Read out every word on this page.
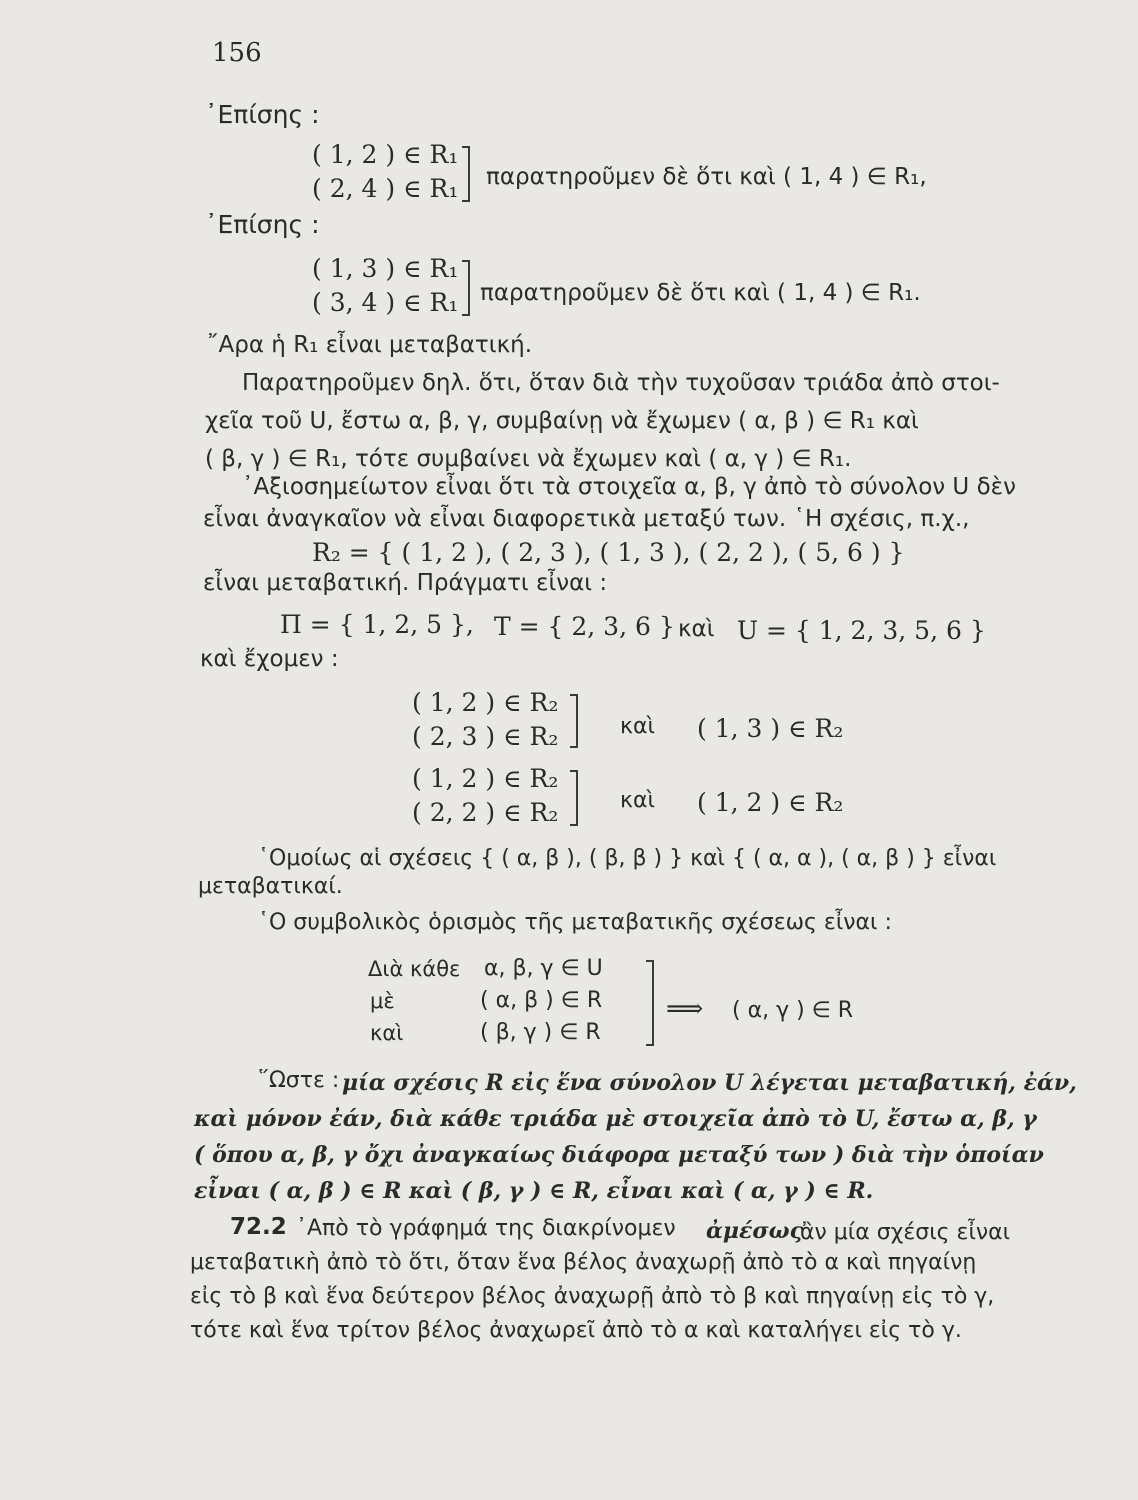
156
᾿Επίσης :
( 1, 2 ) ∈ R₁
( 2, 4 ) ∈ R₁ παρατηροῦμεν δὲ ὅτι καὶ ( 1, 4 ) ∈ R₁,
᾿Επίσης :
( 1, 3 ) ∈ R₁
( 3, 4 ) ∈ R₁ παρατηροῦμεν δὲ ὅτι καὶ ( 1, 4 ) ∈ R₁.
῎Αρα ἡ R₁ εἶναι μεταβατική.
Παρατηροῦμεν δηλ. ὅτι, ὅταν διὰ τὴν τυχοῦσαν τριάδα ἀπὸ στοι-
χεῖα τοῦ U, ἔστω α, β, γ, συμβαίνῃ νὰ ἔχωμεν ( α, β ) ∈ R₁ καὶ
( β, γ ) ∈ R₁, τότε συμβαίνει νὰ ἔχωμεν καὶ ( α, γ ) ∈ R₁.
᾿Αξιοσημείωτον εἶναι ὅτι τὰ στοιχεῖα α, β, γ ἀπὸ τὸ σύνολον U δὲν
εἶναι ἀναγκαῖον νὰ εἶναι διαφορετικὰ μεταξύ των. ῾Η σχέσις, π.χ.,
R₂ = { ( 1, 2 ), ( 2, 3 ), ( 1, 3 ), ( 2, 2 ), ( 5, 6 ) }
εἶναι μεταβατική. Πράγματι εἶναι :
Π = { 1, 2, 5 }, Τ = { 2, 3, 6 } καὶ U = { 1, 2, 3, 5, 6 }
καὶ ἔχομεν :
( 1, 2 ) ∈ R₂
( 2, 3 ) ∈ R₂	καὶ ( 1, 3 ) ∈ R₂
( 1, 2 ) ∈ R₂
( 2, 2 ) ∈ R₂	καὶ ( 1, 2 ) ∈ R₂
῾Ομοίως αἱ σχέσεις { ( α, β ), ( β, β ) } καὶ { ( α, α ), ( α, β ) } εἶναι
μεταβατικαί.
῾Ο συμβολικὸς ὁρισμὸς τῆς μεταβατικῆς σχέσεως εἶναι :
Διὰ κάθε
μὲ
καὶ
α, β, γ ∈ U
( α, β ) ∈ R
( β, γ ) ∈ R
⟹ ( α, γ ) ∈ R
῞Ωστε : μία σχέσις R εἰς ἕνα σύνολον U λέγεται μεταβατική, ἐάν,
καὶ μόνον ἐάν, διὰ κάθε τριάδα μὲ στοιχεῖα ἀπὸ τὸ U, ἔστω α, β, γ
( ὅπου α, β, γ ὄχι ἀναγκαίως διάφορα μεταξύ των ) διὰ τὴν ὁποίαν
εἶναι ( α, β ) ∈ R καὶ ( β, γ ) ∈ R, εἶναι καὶ ( α, γ ) ∈ R.
72.2 ᾿Απὸ τὸ γράφημά της διακρίνομεν ἀμέσως
ἂν μία σχέσις εἶναι
μεταβατικὴ ἀπὸ τὸ ὅτι, ὅταν ἕνα βέλος ἀναχωρῇ ἀπὸ τὸ α καὶ πηγαίνῃ
εἰς τὸ β καὶ ἕνα δεύτερον βέλος ἀναχωρῇ ἀπὸ τὸ β καὶ πηγαίνῃ εἰς τὸ γ,
τότε καὶ ἕνα τρίτον βέλος ἀναχωρεῖ ἀπὸ τὸ α καὶ καταλήγει εἰς τὸ γ.
